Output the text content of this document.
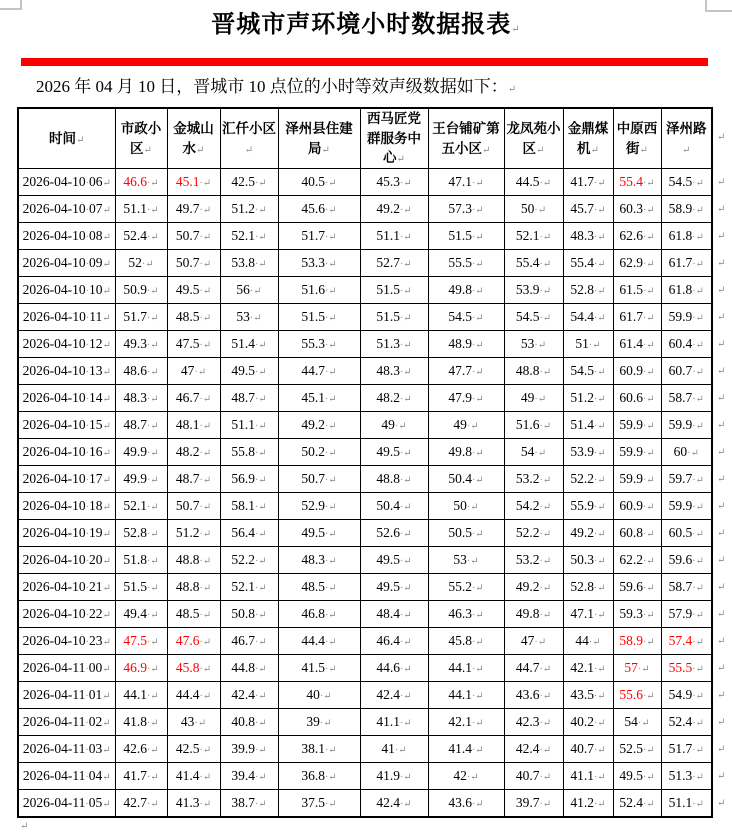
晋城市声环境小时数据报表↵
2026 年 04 月 10 日，晋城市 10 点位的小时等效声级数据如下：↵
时间↵	市政小区↵	金城山水↵	汇仟小区↵	泽州县住建局↵	西马匠党群服务中心↵	王台铺矿第五小区↵	龙凤苑小区↵	金鼎煤机↵	中原西街↵	泽州路↵
2026-04-10·06↵	46.6·↵	45.1·↵	42.5·↵	40.5·↵	45.3·↵	47.1·↵	44.5·↵	41.7·↵	55.4·↵	54.5·↵
2026-04-10·07↵	51.1·↵	49.7·↵	51.2·↵	45.6·↵	49.2·↵	57.3·↵	50·↵	45.7·↵	60.3·↵	58.9·↵
2026-04-10·08↵	52.4·↵	50.7·↵	52.1·↵	51.7·↵	51.1·↵	51.5·↵	52.1·↵	48.3·↵	62.6·↵	61.8·↵
2026-04-10·09↵	52·↵	50.7·↵	53.8·↵	53.3·↵	52.7·↵	55.5·↵	55.4·↵	55.4·↵	62.9·↵	61.7·↵
2026-04-10·10↵	50.9·↵	49.5·↵	56·↵	51.6·↵	51.5·↵	49.8·↵	53.9·↵	52.8·↵	61.5·↵	61.8·↵
2026-04-10·11↵	51.7·↵	48.5·↵	53·↵	51.5·↵	51.5·↵	54.5·↵	54.5·↵	54.4·↵	61.7·↵	59.9·↵
2026-04-10·12↵	49.3·↵	47.5·↵	51.4·↵	55.3·↵	51.3·↵	48.9·↵	53·↵	51·↵	61.4·↵	60.4·↵
2026-04-10·13↵	48.6·↵	47·↵	49.5·↵	44.7·↵	48.3·↵	47.7·↵	48.8·↵	54.5·↵	60.9·↵	60.7·↵
2026-04-10·14↵	48.3·↵	46.7·↵	48.7·↵	45.1·↵	48.2·↵	47.9·↵	49·↵	51.2·↵	60.6·↵	58.7·↵
2026-04-10·15↵	48.7·↵	48.1·↵	51.1·↵	49.2·↵	49·↵	49·↵	51.6·↵	51.4·↵	59.9·↵	59.9·↵
2026-04-10·16↵	49.9·↵	48.2·↵	55.8·↵	50.2·↵	49.5·↵	49.8·↵	54·↵	53.9·↵	59.9·↵	60·↵
2026-04-10·17↵	49.9·↵	48.7·↵	56.9·↵	50.7·↵	48.8·↵	50.4·↵	53.2·↵	52.2·↵	59.9·↵	59.7·↵
2026-04-10·18↵	52.1·↵	50.7·↵	58.1·↵	52.9·↵	50.4·↵	50·↵	54.2·↵	55.9·↵	60.9·↵	59.9·↵
2026-04-10·19↵	52.8·↵	51.2·↵	56.4·↵	49.5·↵	52.6·↵	50.5·↵	52.2·↵	49.2·↵	60.8·↵	60.5·↵
2026-04-10·20↵	51.8·↵	48.8·↵	52.2·↵	48.3·↵	49.5·↵	53·↵	53.2·↵	50.3·↵	62.2·↵	59.6·↵
2026-04-10·21↵	51.5·↵	48.8·↵	52.1·↵	48.5·↵	49.5·↵	55.2·↵	49.2·↵	52.8·↵	59.6·↵	58.7·↵
2026-04-10·22↵	49.4·↵	48.5·↵	50.8·↵	46.8·↵	48.4·↵	46.3·↵	49.8·↵	47.1·↵	59.3·↵	57.9·↵
2026-04-10·23↵	47.5·↵	47.6·↵	46.7·↵	44.4·↵	46.4·↵	45.8·↵	47·↵	44·↵	58.9·↵	57.4·↵
2026-04-11·00↵	46.9·↵	45.8·↵	44.8·↵	41.5·↵	44.6·↵	44.1·↵	44.7·↵	42.1·↵	57·↵	55.5·↵
2026-04-11·01↵	44.1·↵	44.4·↵	42.4·↵	40·↵	42.4·↵	44.1·↵	43.6·↵	43.5·↵	55.6·↵	54.9·↵
2026-04-11·02↵	41.8·↵	43·↵	40.8·↵	39·↵	41.1·↵	42.1·↵	42.3·↵	40.2·↵	54·↵	52.4·↵
2026-04-11·03↵	42.6·↵	42.5·↵	39.9·↵	38.1·↵	41·↵	41.4·↵	42.4·↵	40.7·↵	52.5·↵	51.7·↵
2026-04-11·04↵	41.7·↵	41.4·↵	39.4·↵	36.8·↵	41.9·↵	42·↵	40.7·↵	41.1·↵	49.5·↵	51.3·↵
2026-04-11·05↵	42.7·↵	41.3·↵	38.7·↵	37.5·↵	42.4·↵	43.6·↵	39.7·↵	41.2·↵	52.4·↵	51.1·↵
↵
↵
↵
↵
↵
↵
↵
↵
↵
↵
↵
↵
↵
↵
↵
↵
↵
↵
↵
↵
↵
↵
↵
↵
↵
↵
